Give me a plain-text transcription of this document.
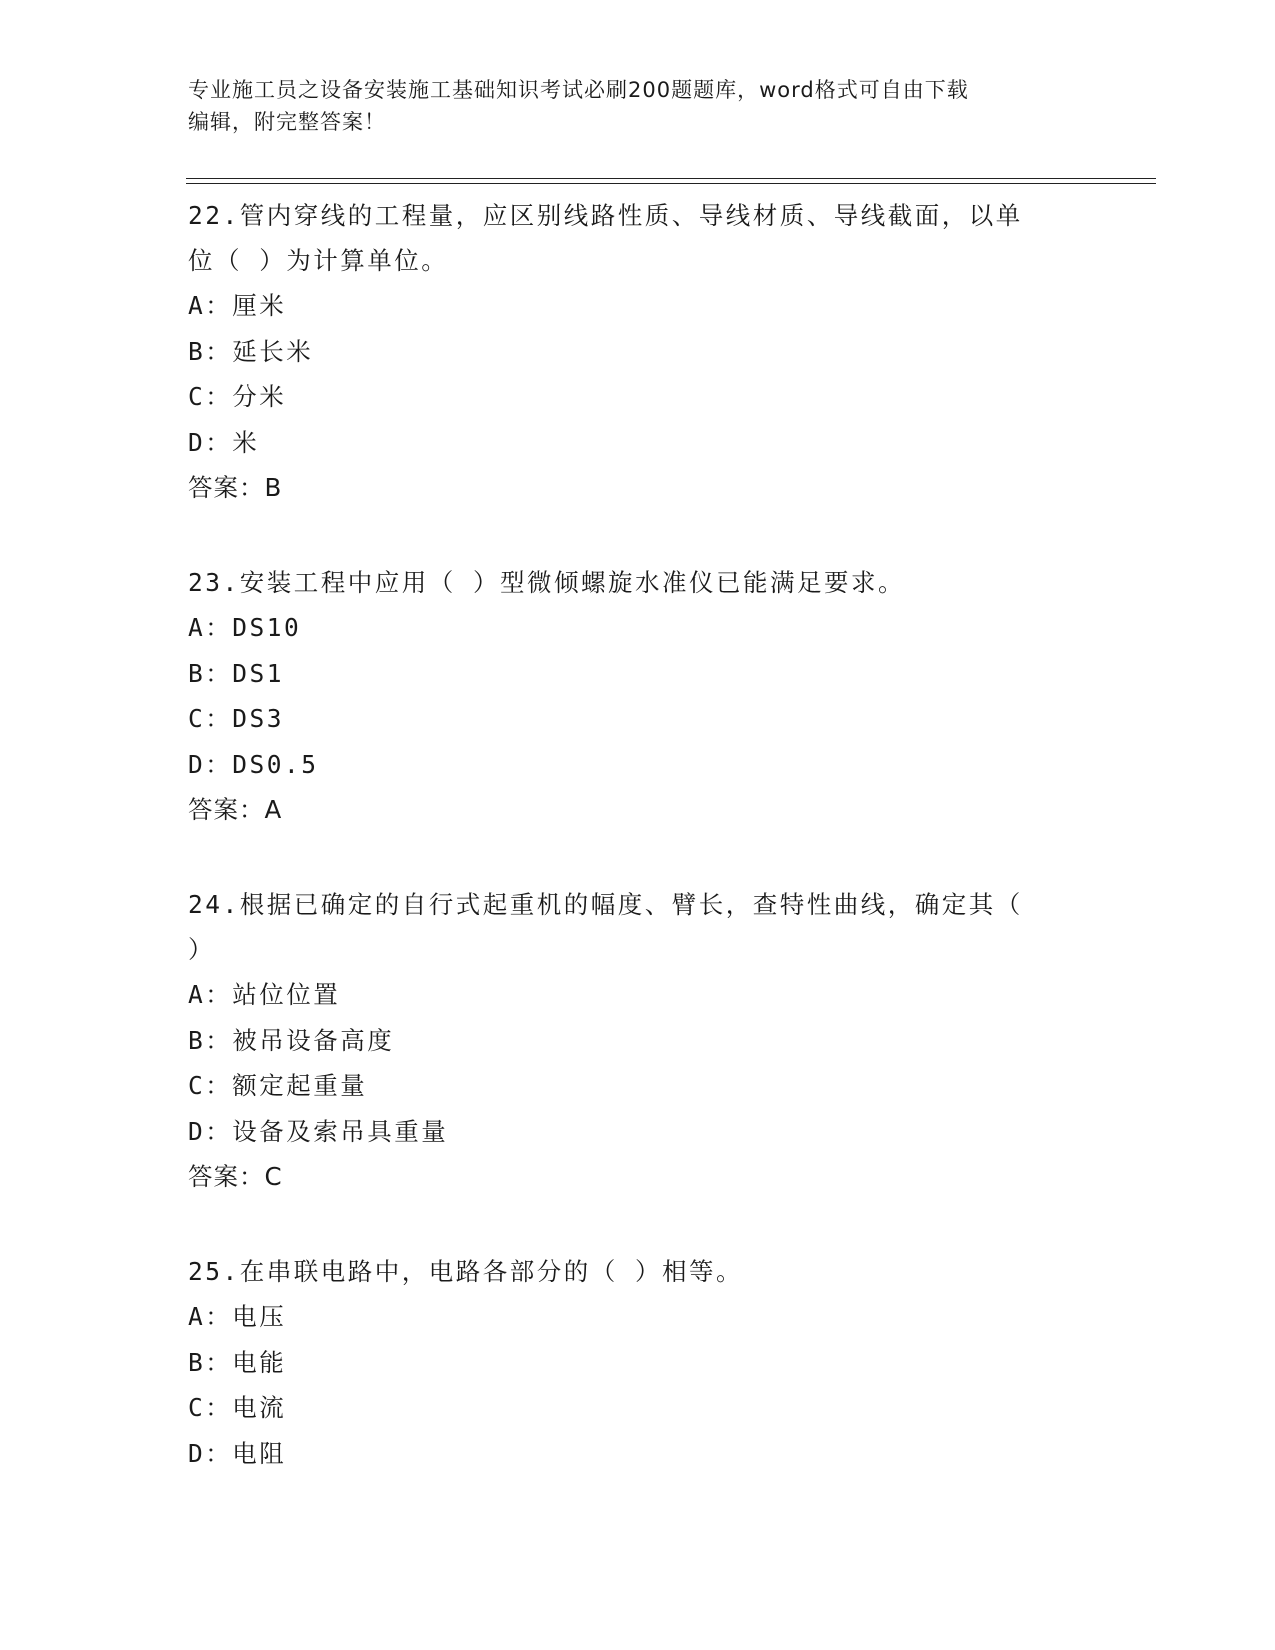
专业施工员之设备安装施工基础知识考试必刷200题题库，word格式可自由下载
编辑，附完整答案！
22.管内穿线的工程量，应区别线路性质、导线材质、导线截面，以单
位（ ）为计算单位。
A：厘米
B：延长米
C：分米
D：米
答案：B
23.安装工程中应用（ ）型微倾螺旋水准仪已能满足要求。
A：DS10
B：DS1
C：DS3
D：DS0.5
答案：A
24.根据已确定的自行式起重机的幅度、臂长，查特性曲线，确定其（
）
A：站位位置
B：被吊设备高度
C：额定起重量
D：设备及索吊具重量
答案：C
25.在串联电路中，电路各部分的（ ）相等。
A：电压
B：电能
C：电流
D：电阻
